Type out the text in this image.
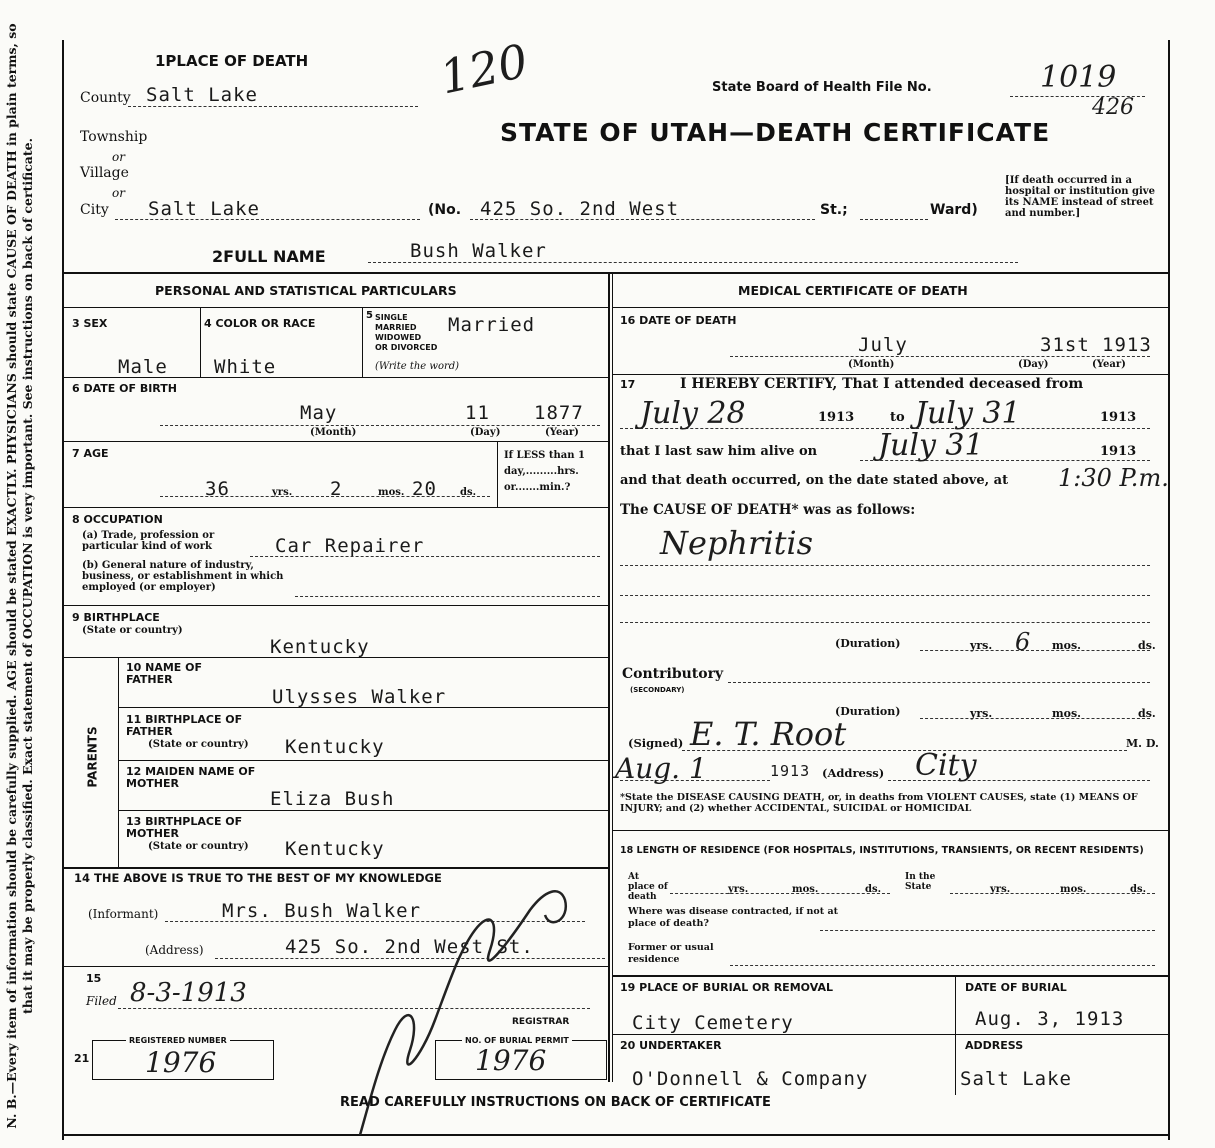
N. B.—Every item of information should be carefully supplied. AGE should be stated EXACTLY. PHYSICIANS should state CAUSE OF DEATH in plain terms, so that it may be properly classified. Exact statement of OCCUPATION is very important. See instructions on back of certificate.
1PLACE OF DEATH	120	State Board of Health File No.	1019
426
STATE OF UTAH—DEATH CERTIFICATE
County Salt Lake
Township
or
Village
or
City Salt Lake	(No. 425 So. 2nd West	St.;	Ward)
[If death occurred in a hospital or institution give its NAME instead of street and number.]
2FULL NAME	Bush Walker
PERSONAL AND STATISTICAL PARTICULARS
3 SEX
Male
4 COLOR OR RACE
White
5 SINGLE
MARRIED
WIDOWED
OR DIVORCED
(Write the word)
Married
6 DATE OF BIRTH
May	11 1877
(Month)	(Day)	(Year)
7 AGE
36	yrs. 2	mos. 20 ds.
If LESS than 1 day,.........hrs. or.......min.?
8 OCCUPATION
(a) Trade, profession or particular kind of work	Car Repairer
(b) General nature of industry, business, or establishment in which employed (or employer)
9 BIRTHPLACE
(State or country)
Kentucky
PARENTS
10 NAME OF FATHER
Ulysses Walker
11 BIRTHPLACE OF FATHER
(State or country) Kentucky
12 MAIDEN NAME OF MOTHER
Eliza Bush
13 BIRTHPLACE OF MOTHER
(State or country) Kentucky
14 THE ABOVE IS TRUE TO THE BEST OF MY KNOWLEDGE
(Informant)	Mrs. Bush Walker
(Address)	425 So. 2nd West St.
15
Filed 8-3-1913
REGISTRAR
21
REGISTERED NUMBER
1976
NO. OF BURIAL PERMIT
1976
MEDICAL CERTIFICATE OF DEATH
16 DATE OF DEATH
July	31st 1913
(Month)	(Day)	(Year)
17	I HEREBY CERTIFY, That I attended deceased from
July 28	1913	to July 31	1913
that I last saw him alive on July 31	1913
and that death occurred, on the date stated above, at 1:30 P.m.
The CAUSE OF DEATH* was as follows:
Nephritis
(Duration)	yrs. 6 mos.	ds.
Contributory
(SECONDARY)
(Duration)	yrs.	mos.	ds.
(Signed) E. T. Root	M. D.
Aug. 1	1913 (Address) City
*State the DISEASE CAUSING DEATH, or, in deaths from VIOLENT CAUSES, state (1) MEANS OF INJURY; and (2) whether ACCIDENTAL, SUICIDAL or HOMICIDAL
18 LENGTH OF RESIDENCE (FOR HOSPITALS, INSTITUTIONS, TRANSIENTS, OR RECENT RESIDENTS)
At place of death
yrs.	mos.	ds.
In the State	yrs.	mos.	ds.
Where was disease contracted, if not at place of death?
Former or usual residence
19 PLACE OF BURIAL OR REMOVAL
City Cemetery
DATE OF BURIAL
Aug. 3, 1913
20 UNDERTAKER
O'Donnell & Company
ADDRESS
Salt Lake
READ CAREFULLY INSTRUCTIONS ON BACK OF CERTIFICATE
